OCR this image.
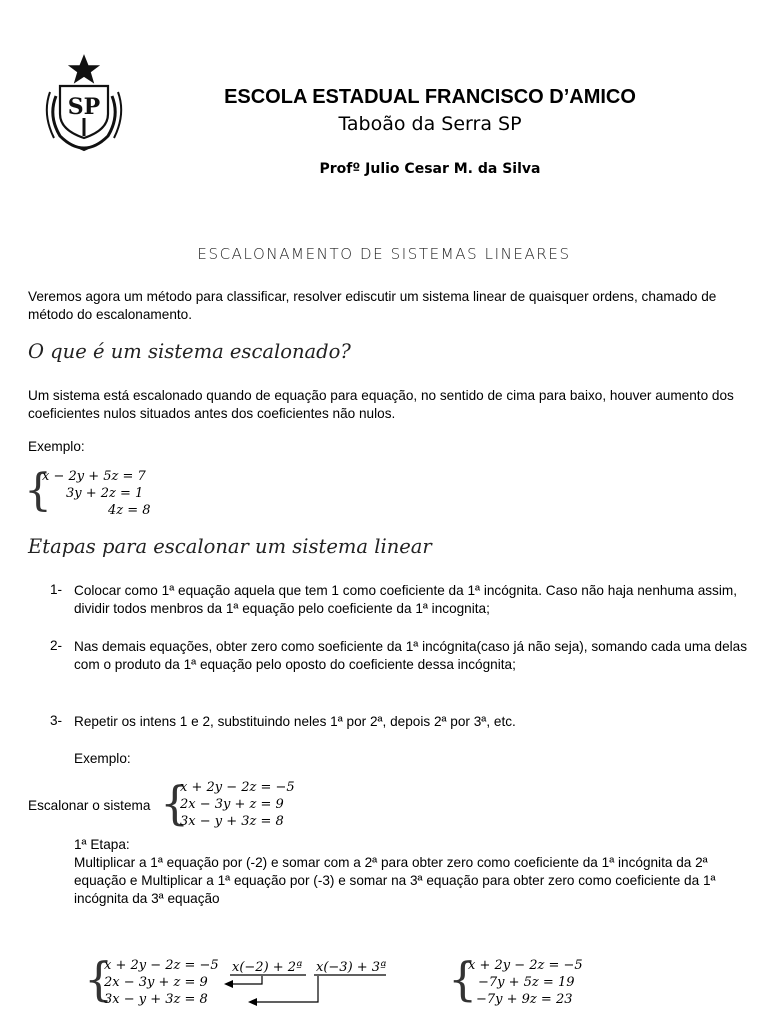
SP	ESCOLA ESTADUAL FRANCISCO D’AMICO
Taboão da Serra SP
Profº Julio Cesar M. da Silva
ESCALONAMENTO DE SISTEMAS LINEARES
Veremos agora um método para classificar, resolver ediscutir um sistema linear de quaisquer ordens, chamado de método do escalonamento.
O que é um sistema escalonado?
Um sistema está escalonado quando de equação para equação, no sentido de cima para baixo, houver aumento dos coeficientes nulos situados antes dos coeficientes não nulos.
Exemplo:
{
x − 2y + 5z = 7
3y + 2z = 1
4z = 8
Etapas para escalonar um sistema linear
1- Colocar como 1ª equação aquela que tem 1 como coeficiente da 1ª incógnita. Caso não haja nenhuma assim, dividir todos menbros da 1ª equação pelo coeficiente da 1ª incognita;
2- Nas demais equações, obter zero como soeficiente da 1ª incógnita(caso já não seja), somando cada uma delas com o produto da 1ª equação pelo oposto do coeficiente dessa incógnita;
3- Repetir os intens 1 e 2, substituindo neles 1ª por 2ª, depois 2ª por 3ª, etc.
Exemplo:
Escalonar o sistema {
x + 2y − 2z = −5
2x − 3y + z = 9
3x − y + 3z = 8
1ª Etapa:
Multiplicar a 1ª equação por (-2) e somar com a 2ª para obter zero como coeficiente da 1ª incógnita da 2ª equação e Multiplicar a 1ª equação por (-3) e somar na 3ª equação para obter zero como coeficiente da 1ª incógnita da 3ª equação
{
x + 2y − 2z = −5
2x − 3y + z = 9
3x − y + 3z = 8
x(−2) + 2ª x(−3) + 3ª {
x + 2y − 2z = −5
−7y + 5z = 19
−7y + 9z = 23
